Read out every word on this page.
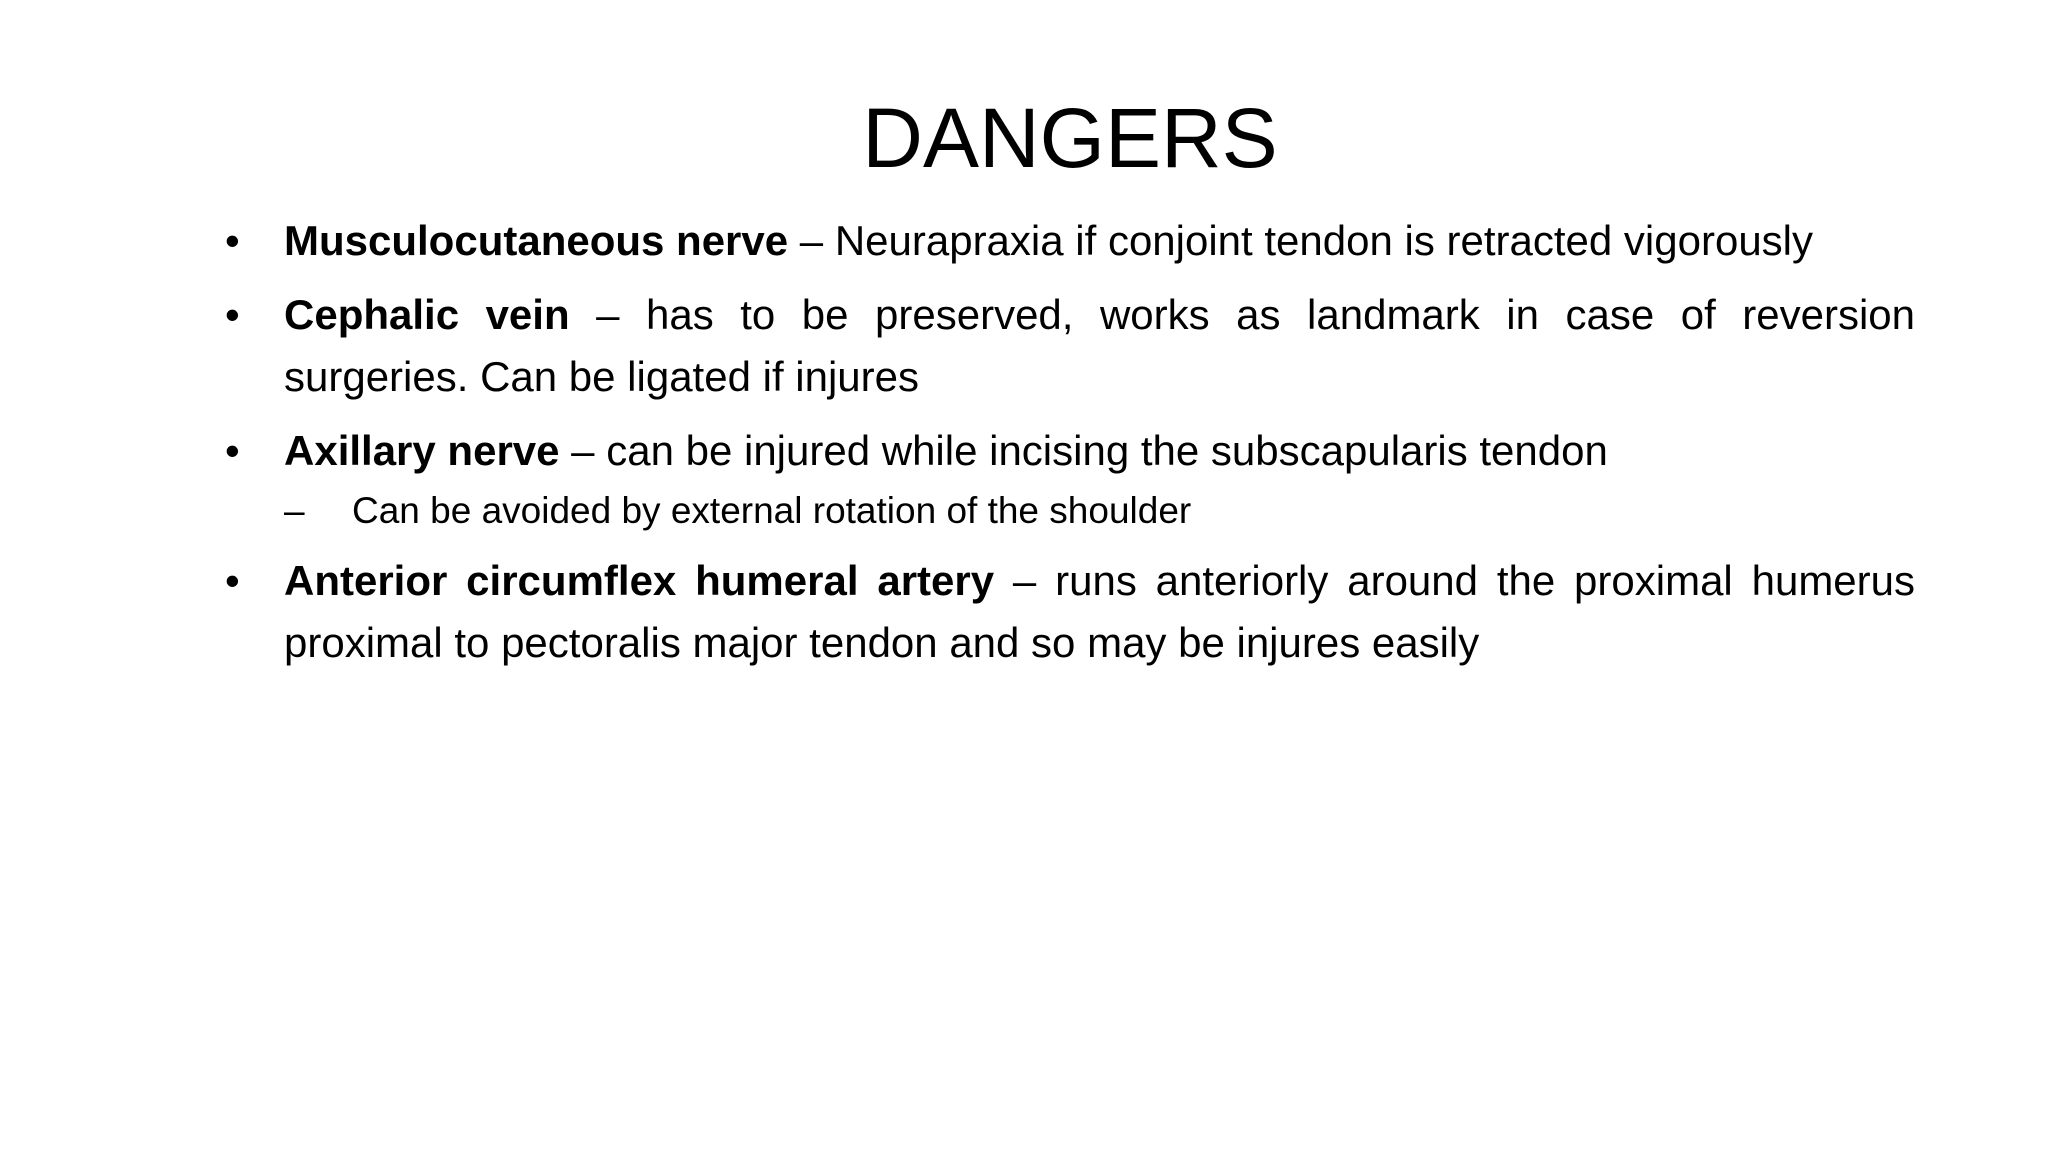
DANGERS
•	Musculocutaneous nerve – Neurapraxia if conjoint tendon is retracted vigorously
•	Cephalic vein – has to be preserved, works as landmark in case of reversion surgeries. Can be ligated if injures
•	Axillary nerve – can be injured while incising the subscapularis tendon
– Can be avoided by external rotation of the shoulder
•	Anterior circumflex humeral artery – runs anteriorly around the proximal humerus proximal to pectoralis major tendon and so may be injures easily
